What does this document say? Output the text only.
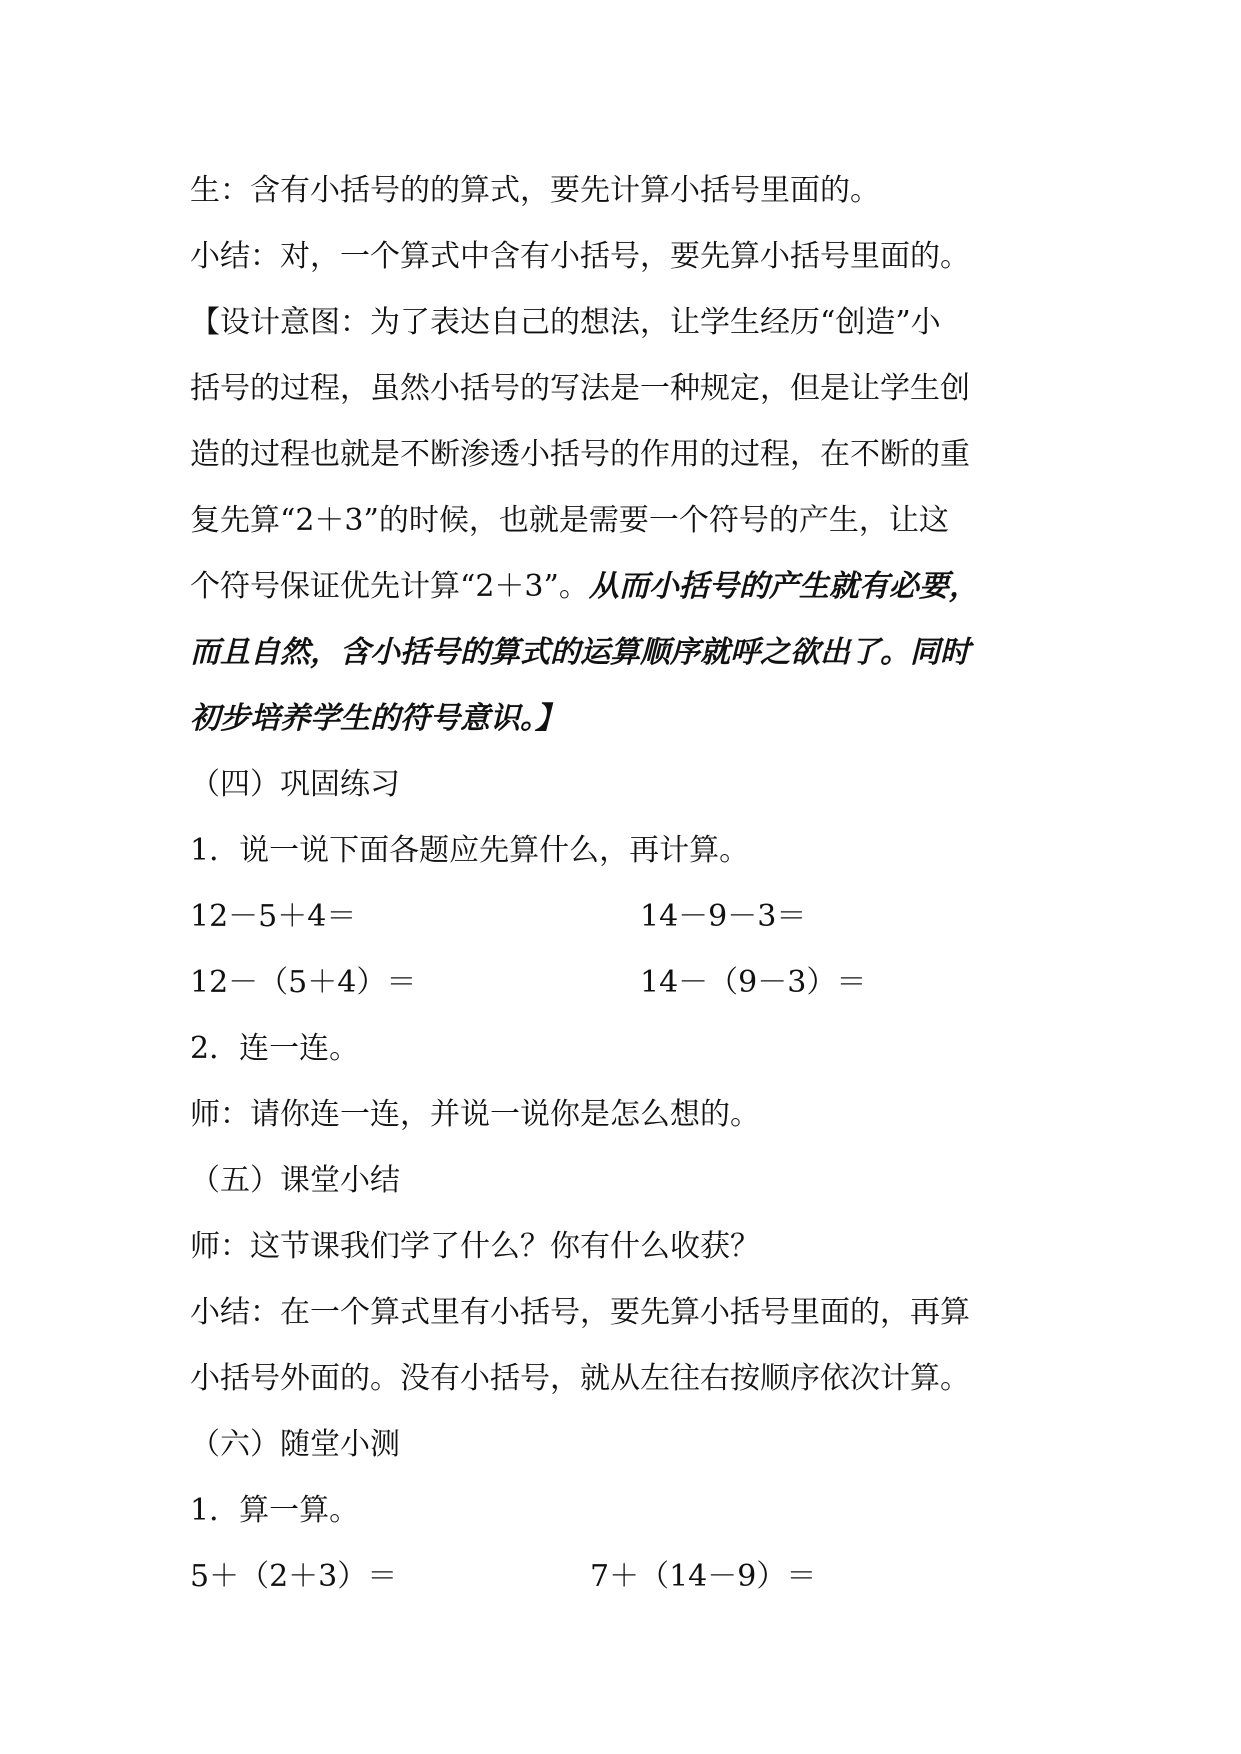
生：含有小括号的的算式，要先计算小括号里面的。
小结：对，一个算式中含有小括号，要先算小括号里面的。
【设计意图：为了表达自己的想法，让学生经历“创造”小
括号的过程，虽然小括号的写法是一种规定，但是让学生创
造的过程也就是不断渗透小括号的作用的过程，在不断的重
复先算“2＋3”的时候，也就是需要一个符号的产生，让这
个符号保证优先计算“2＋3”。从而小括号的产生就有必要，
而且自然，含小括号的算式的运算顺序就呼之欲出了。同时
初步培养学生的符号意识。】
（四）巩固练习
1．说一说下面各题应先算什么，再计算。
12－5＋4＝	14－9－3＝
12－（5＋4）＝	14－（9－3）＝
2．连一连。
师：请你连一连，并说一说你是怎么想的。
（五）课堂小结
师：这节课我们学了什么？你有什么收获？
小结：在一个算式里有小括号，要先算小括号里面的，再算
小括号外面的。没有小括号，就从左往右按顺序依次计算。
（六）随堂小测
1．算一算。
5＋（2＋3）＝	7＋（14－9）＝
